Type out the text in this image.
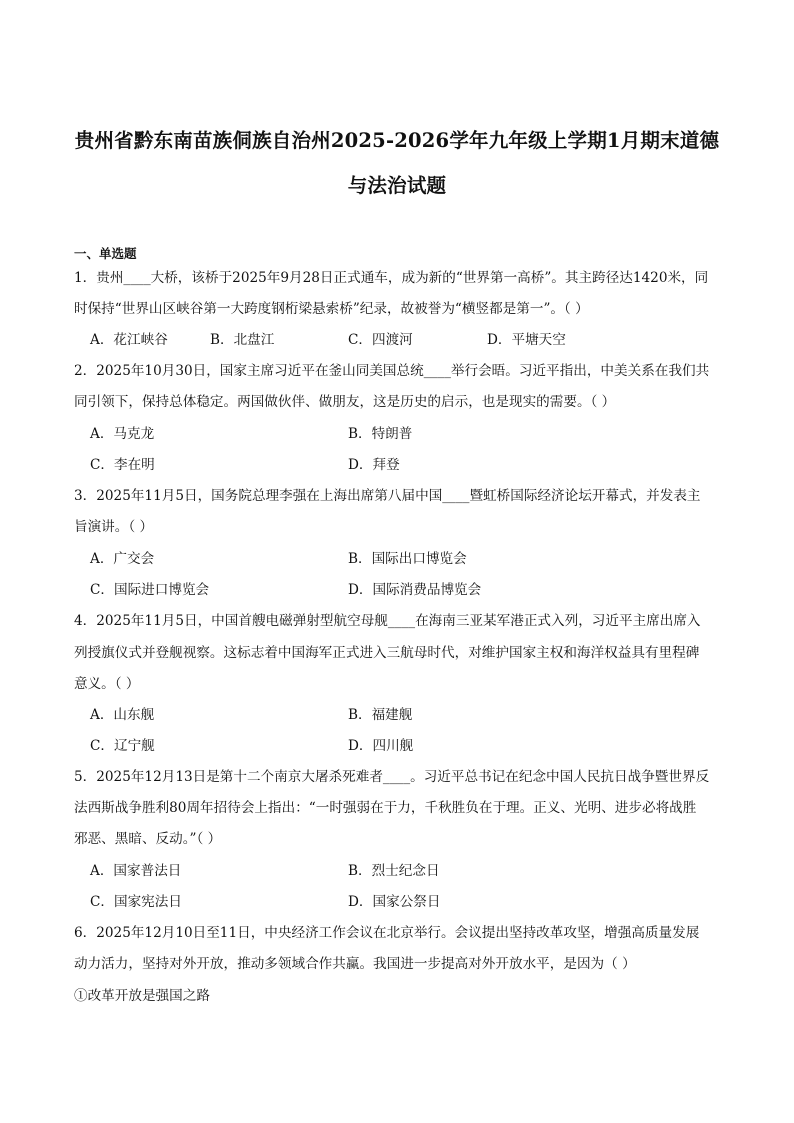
贵州省黔东南苗族侗族自治州2025-2026学年九年级上学期1月期末道德
与法治试题
一、单选题
1．贵州____大桥，该桥于2025年9月28日正式通车，成为新的“世界第一高桥”。其主跨径达1420米，同
时保持“世界山区峡谷第一大跨度钢桁梁悬索桥”纪录，故被誉为“横竖都是第一”。（ ）
A．花江峡谷	B．北盘江	C．四渡河	D．平塘天空
2．2025年10月30日，国家主席习近平在釜山同美国总统____举行会晤。习近平指出，中美关系在我们共
同引领下，保持总体稳定。两国做伙伴、做朋友，这是历史的启示，也是现实的需要。（ ）
A．马克龙	B．特朗普
C．李在明	D．拜登
3．2025年11月5日，国务院总理李强在上海出席第八届中国____暨虹桥国际经济论坛开幕式，并发表主
旨演讲。（ ）
A．广交会	B．国际出口博览会
C．国际进口博览会	D．国际消费品博览会
4．2025年11月5日，中国首艘电磁弹射型航空母舰____在海南三亚某军港正式入列，习近平主席出席入
列授旗仪式并登舰视察。这标志着中国海军正式进入三航母时代，对维护国家主权和海洋权益具有里程碑
意义。（ ）
A．山东舰	B．福建舰
C．辽宁舰	D．四川舰
5．2025年12月13日是第十二个南京大屠杀死难者____。习近平总书记在纪念中国人民抗日战争暨世界反
法西斯战争胜利80周年招待会上指出：“一时强弱在于力，千秋胜负在于理。正义、光明、进步必将战胜
邪恶、黑暗、反动。”（ ）
A．国家普法日	B．烈士纪念日
C．国家宪法日	D．国家公祭日
6．2025年12月10日至11日，中央经济工作会议在北京举行。会议提出坚持改革攻坚，增强高质量发展
动力活力，坚持对外开放，推动多领域合作共赢。我国进一步提高对外开放水平，是因为（ ）
①改革开放是强国之路
